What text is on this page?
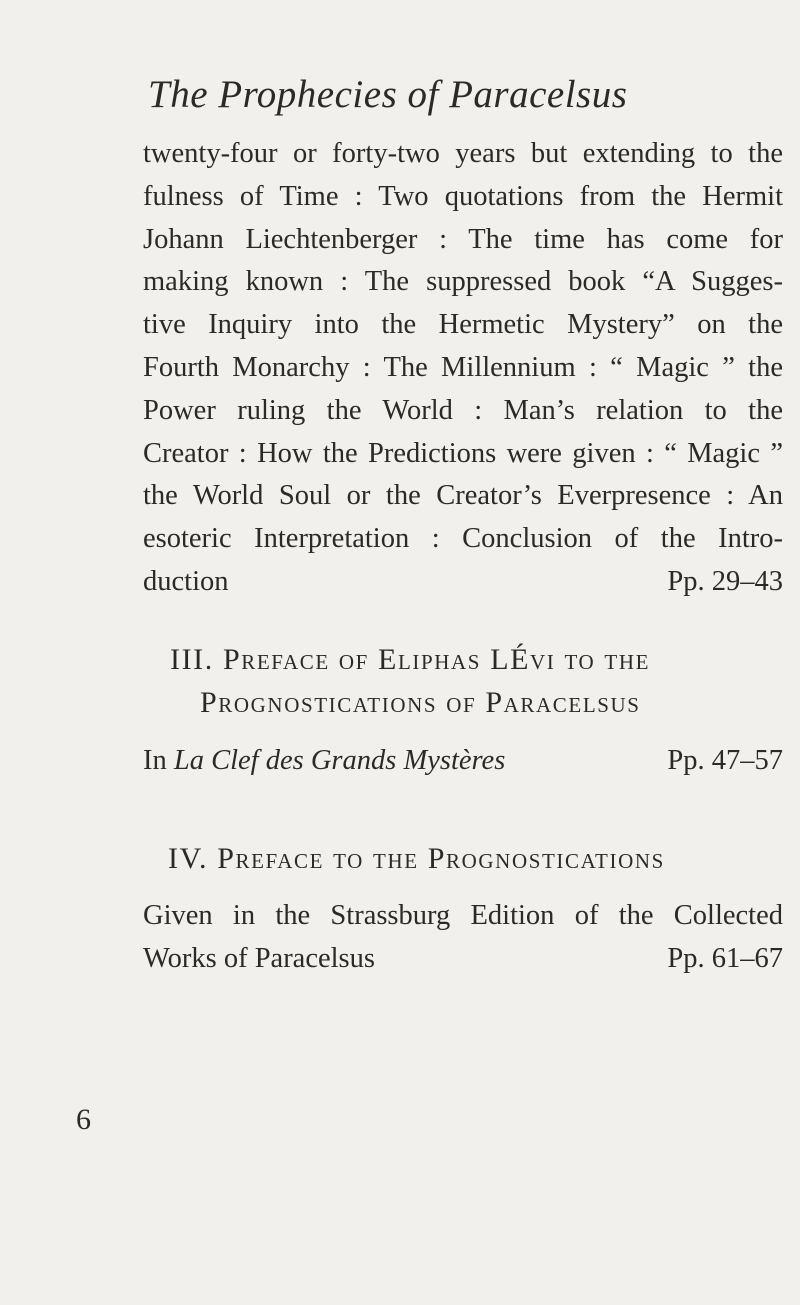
The Prophecies of Paracelsus
twenty-four or forty-two years but extending to the
fulness of Time : Two quotations from the Hermit
Johann Liechtenberger : The time has come for
making known : The suppressed book “A Sugges-
tive Inquiry into the Hermetic Mystery” on the
Fourth Monarchy : The Millennium : “ Magic ” the
Power ruling the World : Man’s relation to the
Creator : How the Predictions were given : “ Magic ”
the World Soul or the Creator’s Everpresence : An
esoteric Interpretation : Conclusion of the Intro-
duction	Pp. 29–43
III. Preface of Eliphas LÉvi to the
Prognostications of Paracelsus
In La Clef des Grands Mystères	Pp. 47–57
IV. Preface to the Prognostications
Given in the Strassburg Edition of the Collected
Works of Paracelsus	Pp. 61–67
6
